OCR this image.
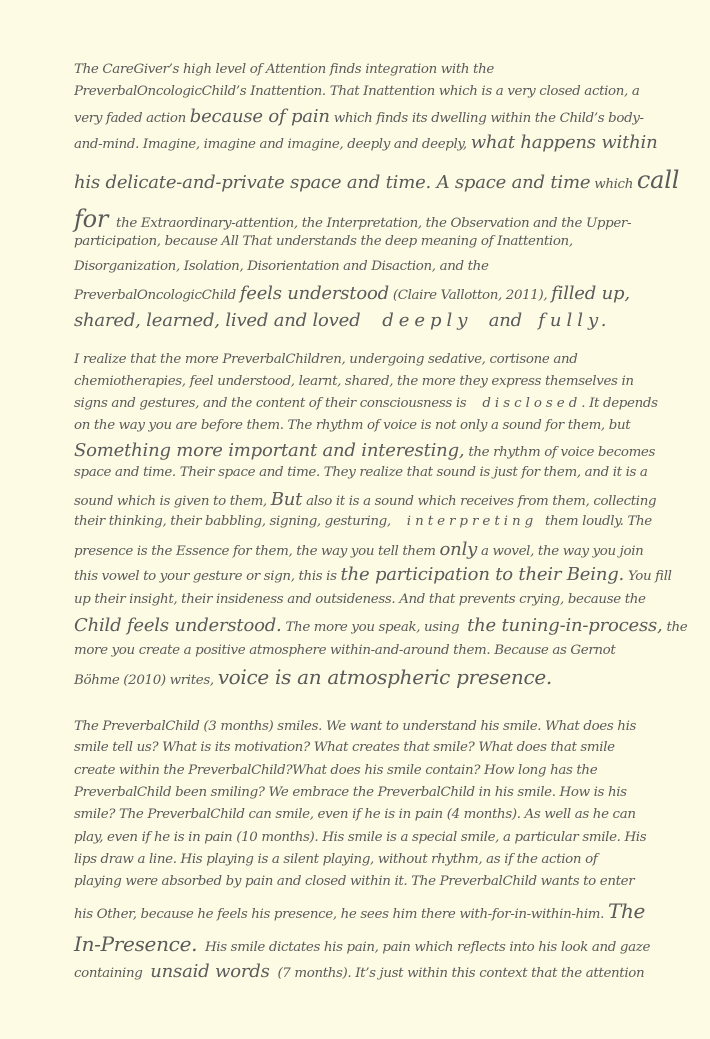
The CareGiver’s high level of Attention finds integration with the
PreverbalOncologicChild’s Inattention. That Inattention which is a very closed action, a
very faded action because of pain which finds its dwelling within the Child’s body-
and-mind. Imagine, imagine and imagine, deeply and deeply, what happens within
his delicate-and-private space and time. A space and time which call
for  the Extraordinary-attention, the Interpretation, the Observation and the Upper-
participation, because All That understands the deep meaning of Inattention,
Disorganization, Isolation, Disorientation and Disaction, and the
PreverbalOncologicChild feels understood (Claire Vallotton, 2011), filled up,
shared, learned, lived and loved   deeply  and  fully.
I realize that the more PreverbalChildren, undergoing sedative, cortisone and
chemiotherapies, feel understood, learnt, shared, the more they express themselves in
signs and gestures, and the content of their consciousness is   disclosed. It depends
on the way you are before them. The rhythm of voice is not only a sound for them, but
Something more important and interesting, the rhythm of voice becomes
space and time. Their space and time. They realize that sound is just for them, and it is a
sound which is given to them, But also it is a sound which receives from them, collecting
their thinking, their babbling, signing, gesturing,   interpreting  them loudly. The
presence is the Essence for them, the way you tell them only a wovel, the way you join
this vowel to your gesture or sign, this is the participation to their Being. You fill
up their insight, their insideness and outsideness. And that prevents crying, because the
Child feels understood. The more you speak, using  the tuning-in-process, the
more you create a positive atmosphere within-and-around them. Because as Gernot
Böhme (2010) writes, voice is an atmospheric presence.
The PreverbalChild (3 months) smiles. We want to understand his smile. What does his
smile tell us? What is its motivation? What creates that smile? What does that smile
create within the PreverbalChild?What does his smile contain? How long has the
PreverbalChild been smiling? We embrace the PreverbalChild in his smile. How is his
smile? The PreverbalChild can smile, even if he is in pain (4 months). As well as he can
play, even if he is in pain (10 months). His smile is a special smile, a particular smile. His
lips draw a line. His playing is a silent playing, without rhythm, as if the action of
playing were absorbed by pain and closed within it. The PreverbalChild wants to enter
his Other, because he feels his presence, he sees him there with-for-in-within-him. The
In-Presence.  His smile dictates his pain, pain which reflects into his look and gaze
containing  unsaid words  (7 months). It’s just within this context that the attention
